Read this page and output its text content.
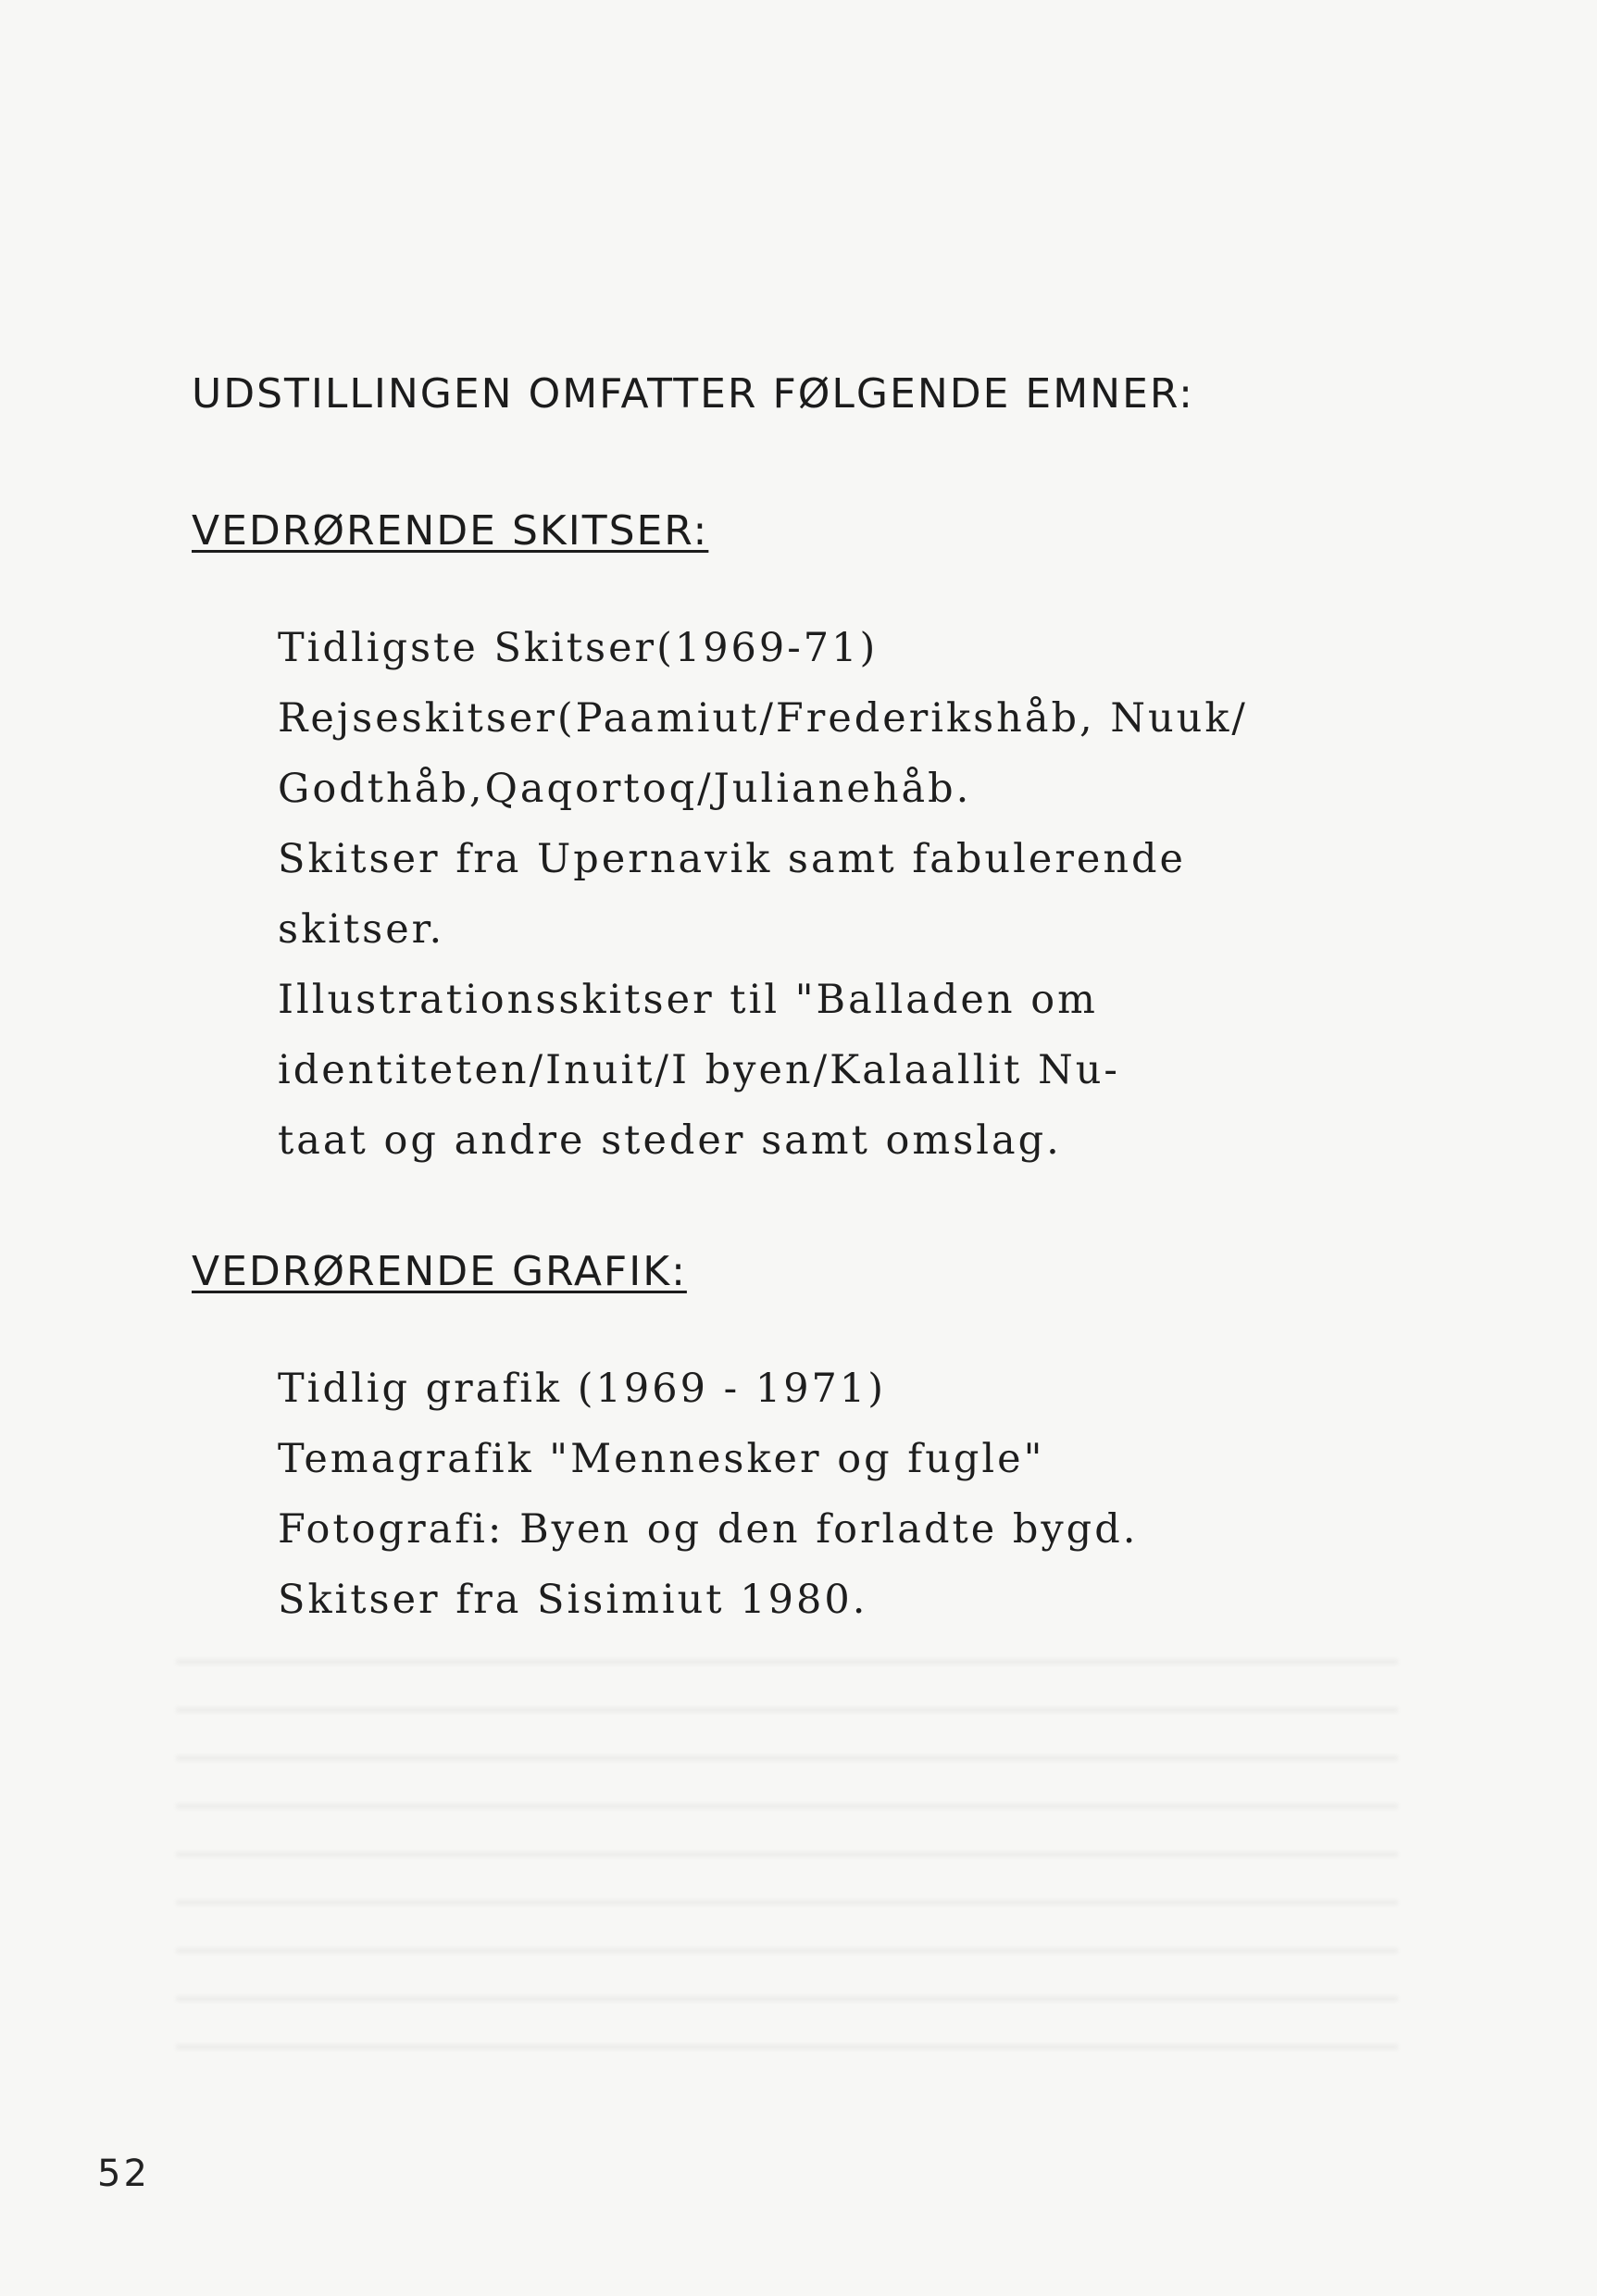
UDSTILLINGEN OMFATTER FØLGENDE EMNER:
VEDRØRENDE SKITSER:
Tidligste Skitser(1969-71)
Rejseskitser(Paamiut/Frederikshåb, Nuuk/
Godthåb,Qaqortoq/Julianehåb.
Skitser fra Upernavik samt fabulerende
skitser.
Illustrationsskitser til "Balladen om
identiteten/Inuit/I byen/Kalaallit Nu-
taat og andre steder samt omslag.
VEDRØRENDE GRAFIK:
Tidlig grafik (1969 - 1971)
Temagrafik "Mennesker og fugle"
Fotografi: Byen og den forladte bygd.
Skitser fra Sisimiut 1980.
52
